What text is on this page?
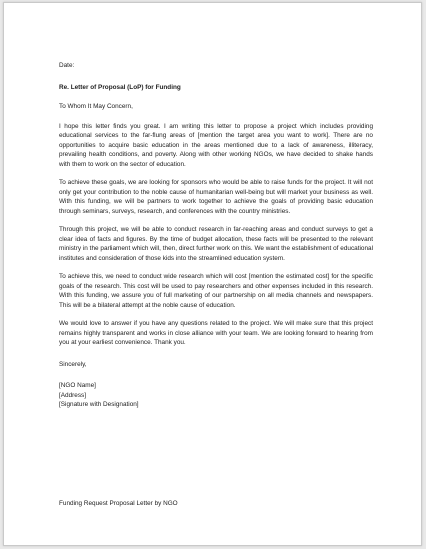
Date:

Re. Letter of Proposal (LoP) for Funding

To Whom It May Concern,

I hope this letter finds you great. I am writing this letter to propose a project which includes providing educational services to the far-flung areas of [mention the target area you want to work]. There are no opportunities to acquire basic education in the areas mentioned due to a lack of awareness, illiteracy, prevailing health conditions, and poverty. Along with other working NGOs, we have decided to shake hands with them to work on the sector of education.

To achieve these goals, we are looking for sponsors who would be able to raise funds for the project. It will not only get your contribution to the noble cause of humanitarian well-being but will market your business as well. With this funding, we will be partners to work together to achieve the goals of providing basic education through seminars, surveys, research, and conferences with the country ministries.

Through this project, we will be able to conduct research in far-reaching areas and conduct surveys to get a clear idea of facts and figures. By the time of budget allocation, these facts will be presented to the relevant ministry in the parliament which will, then, direct further work on this. We want the establishment of educational institutes and consideration of those kids into the streamlined education system.

To achieve this, we need to conduct wide research which will cost [mention the estimated cost] for the specific goals of the research. This cost will be used to pay researchers and other expenses included in this research. With this funding, we assure you of full marketing of our partnership on all media channels and newspapers. This will be a bilateral attempt at the noble cause of education.

We would love to answer if you have any questions related to the project. We will make sure that this project remains highly transparent and works in close alliance with your team. We are looking forward to hearing from you at your earliest convenience. Thank you.

Sincerely,

[NGO Name]

[Address]

[Signature with Designation]

Funding Request Proposal Letter by NGO
